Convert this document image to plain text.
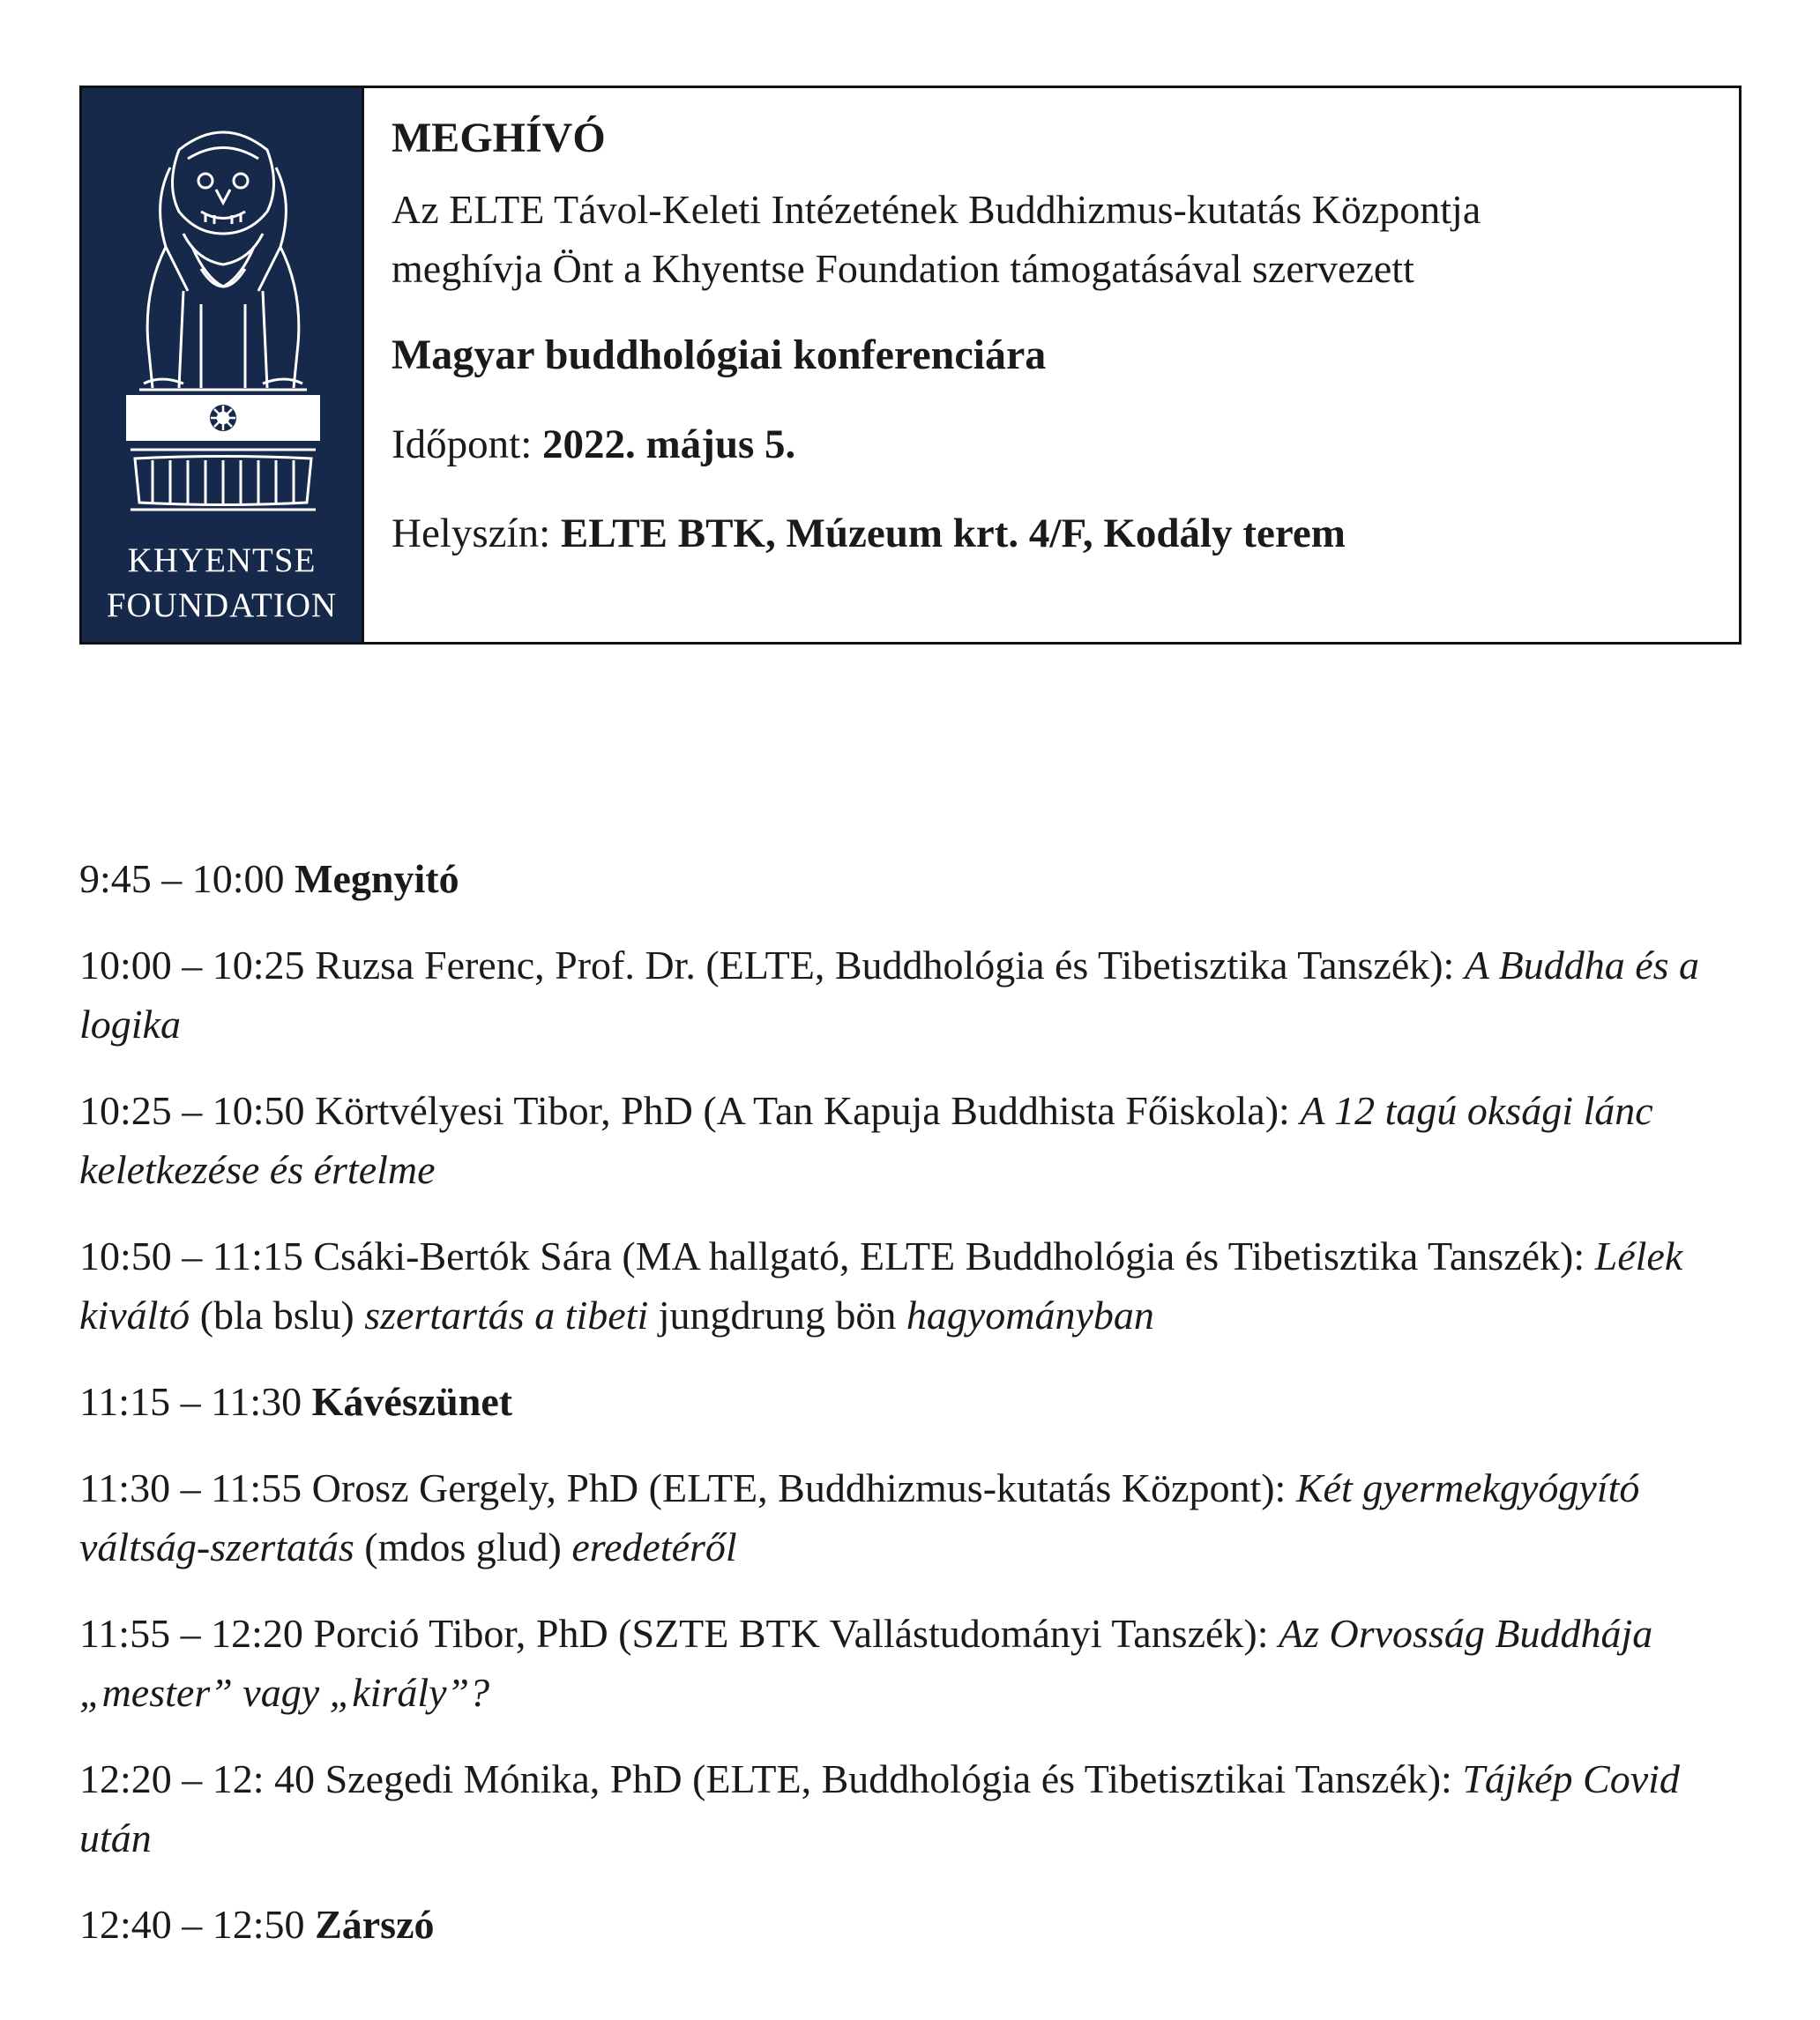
KHYENTSE
FOUNDATION
MEGHÍVÓ
Az ELTE Távol-Keleti Intézetének Buddhizmus-kutatás Központja
meghívja Önt a Khyentse Foundation támogatásával szervezett
Magyar buddhológiai konferenciára
Időpont: 2022. május 5.
Helyszín: ELTE BTK, Múzeum krt. 4/F, Kodály terem
9:45 – 10:00 Megnyitó
10:00 – 10:25 Ruzsa Ferenc, Prof. Dr. (ELTE, Buddhológia és Tibetisztika Tanszék): A Buddha és a logika
10:25 – 10:50 Körtvélyesi Tibor, PhD (A Tan Kapuja Buddhista Főiskola): A 12 tagú oksági lánc keletkezése és értelme
10:50 – 11:15 Csáki-Bertók Sára (MA hallgató, ELTE Buddhológia és Tibetisztika Tanszék): Lélek kiváltó (bla bslu) szertartás a tibeti jungdrung bön hagyományban
11:15 – 11:30 Kávészünet
11:30 – 11:55 Orosz Gergely, PhD (ELTE, Buddhizmus-kutatás Központ): Két gyermekgyógyító váltság-szertatás (mdos glud) eredetéről
11:55 – 12:20 Porció Tibor, PhD (SZTE BTK Vallástudományi Tanszék): Az Orvosság Buddhája „mester” vagy „király”?
12:20 – 12: 40 Szegedi Mónika, PhD (ELTE, Buddhológia és Tibetisztikai Tanszék): Tájkép Covid után
12:40 – 12:50 Zárszó
